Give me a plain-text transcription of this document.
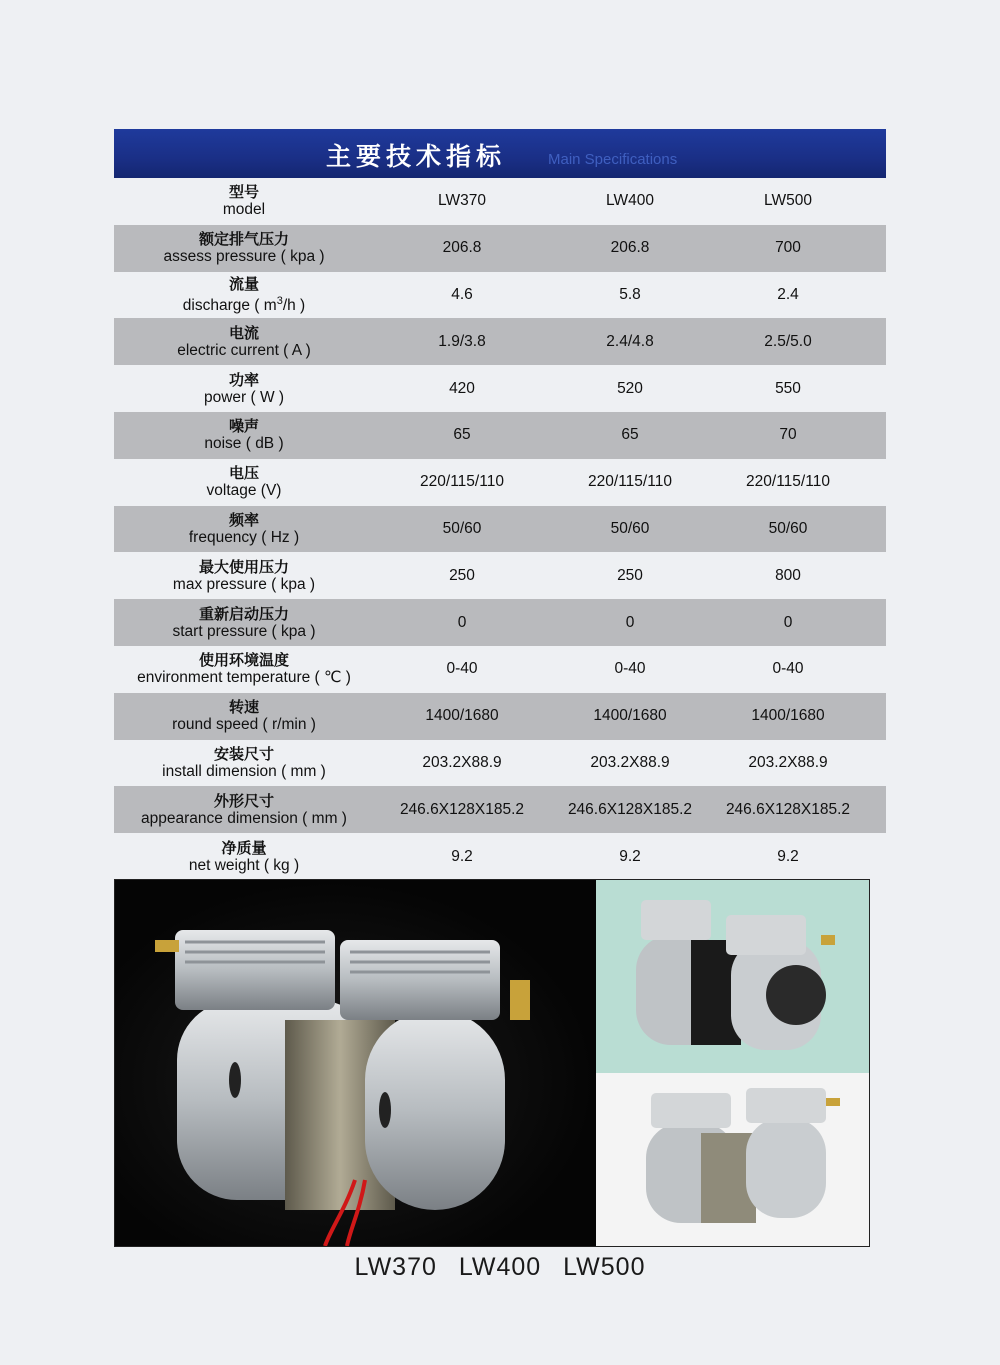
主要技术指标	Main Specifications
型号
model
LW370	LW400	LW500
额定排气压力
assess pressure ( kpa )
206.8	206.8	700
流量
discharge ( $m^3/h$ )
4.6	5.8	2.4
电流
electric current ( A )
1.9/3.8	2.4/4.8	2.5/5.0
功率
power ( W )
420	520	550
噪声
noise ( dB )
65	65	70
电压
voltage (V)
220/115/110	220/115/110	220/115/110
频率
frequency ( Hz )
50/60	50/60	50/60
最大使用压力
max pressure ( kpa )
250	250	800
重新启动压力
start pressure ( kpa )
0	0	0
使用环境温度
environment temperature ( ℃ )
0-40	0-40	0-40
转速
round speed ( r/min )
1400/1680	1400/1680	1400/1680
安装尺寸
install dimension ( mm )
203.2X88.9	203.2X88.9	203.2X88.9
外形尺寸
appearance dimension ( mm )
246.6X128X185.2	246.6X128X185.2	246.6X128X185.2
净质量
net weight ( kg )
9.2	9.2	9.2
LW370 LW400 LW500
